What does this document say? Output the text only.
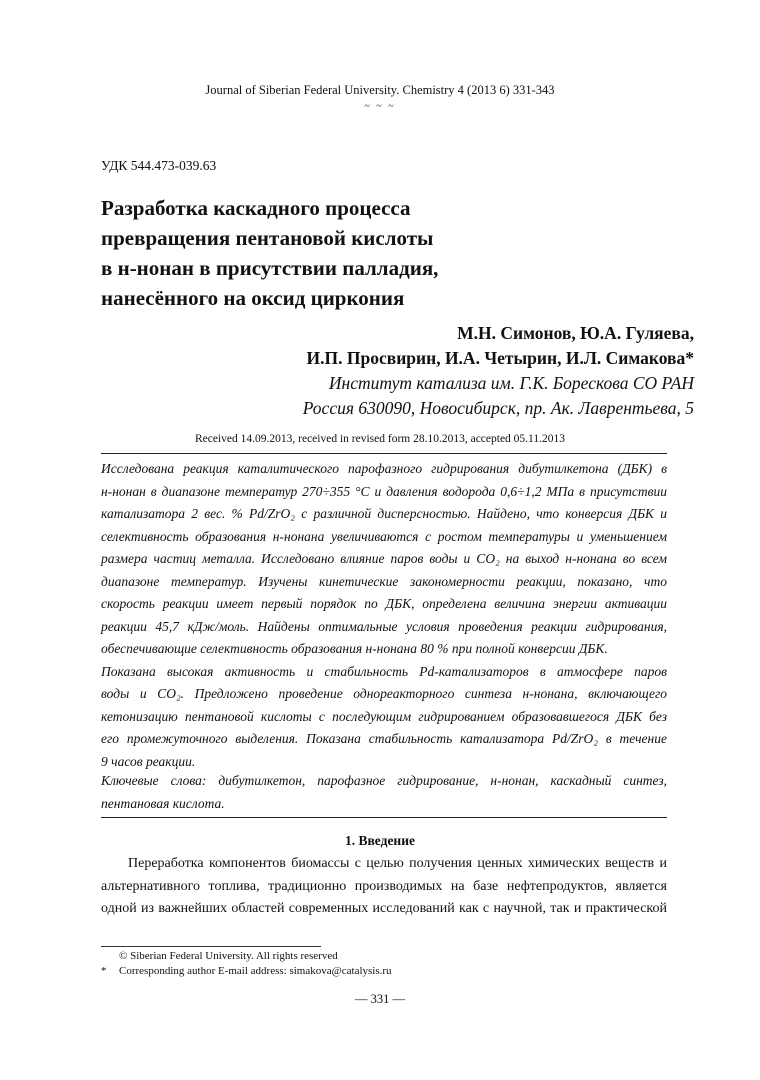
Journal of Siberian Federal University. Chemistry 4 (2013 6) 331-343
~ ~ ~
УДК 544.473-039.63
Разработка каскадного процесса
превращения пентановой кислоты
в н-нонан в присутствии палладия,
нанесённого на оксид циркония
М.Н. Симонов, Ю.А. Гуляева,
И.П. Просвирин, И.А. Четырин, И.Л. Симакова*
Институт катализа им. Г.К. Борескова СО РАН
Россия 630090, Новосибирск, пр. Ак. Лаврентьева, 5
Received 14.09.2013, received in revised form 28.10.2013, accepted 05.11.2013
Исследована реакция каталитического парофазного гидрирования дибутилкетона (ДБК) в
н-нонан в диапазоне температур 270÷355 °С и давления водорода 0,6÷1,2 МПа в присутствии
катализатора 2 вес. % Pd/ZrO₂ с различной дисперсностью. Найдено, что конверсия ДБК и
селективность образования н-нонана увеличиваются с ростом температуры и уменьшением
размера частиц металла. Исследовано влияние паров воды и CO₂ на выход н-нонана во всем
диапазоне температур. Изучены кинетические закономерности реакции, показано, что
скорость реакции имеет первый порядок по ДБК, определена величина энергии активации
реакции 45,7 кДж/моль. Найдены оптимальные условия проведения реакции гидрирования,
обеспечивающие селективность образования н-нонана 80 % при полной конверсии ДБК.
Показана высокая активность и стабильность Pd-катализаторов в атмосфере паров
воды и CO₂. Предложено проведение однореакторного синтеза н-нонана, включающего
кетонизацию пентановой кислоты с последующим гидрированием образовавшегося ДБК без
его промежуточного выделения. Показана стабильность катализатора Pd/ZrO₂ в течение
9 часов реакции.
Ключевые слова: дибутилкетон, парофазное гидрирование, н-нонан, каскадный синтез,
пентановая кислота.
1. Введение
Переработка компонентов биомассы с целью получения ценных химических веществ и
альтернативного топлива, традиционно производимых на базе нефтепродуктов, является
одной из важнейших областей современных исследований как с научной, так и практической
© Siberian Federal University. All rights reserved
* Corresponding author E-mail address: simakova@catalysis.ru
— 331 —
